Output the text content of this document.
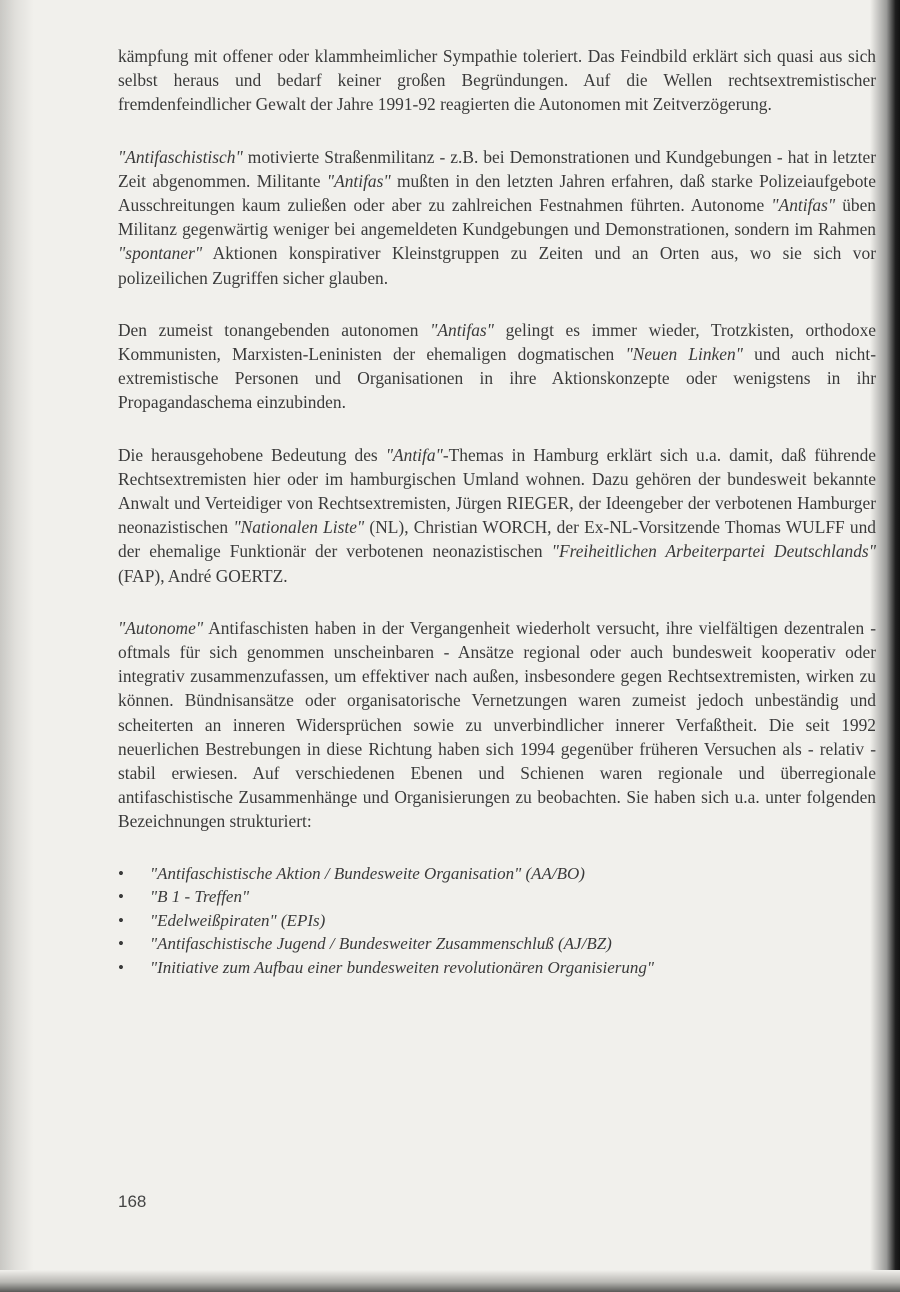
kämpfung mit offener oder klammheimlicher Sympathie toleriert. Das Feindbild erklärt sich quasi aus sich selbst heraus und bedarf keiner großen Begründungen. Auf die Wellen rechtsextremistischer fremdenfeindlicher Gewalt der Jahre 1991-92 reagierten die Autonomen mit Zeitverzögerung.

"Antifaschistisch" motivierte Straßenmilitanz - z.B. bei Demonstrationen und Kundgebungen - hat in letzter Zeit abgenommen. Militante "Antifas" mußten in den letzten Jahren erfahren, daß starke Polizeiaufgebote Ausschreitungen kaum zuließen oder aber zu zahlreichen Festnahmen führten. Autonome "Antifas" üben Militanz gegenwärtig weniger bei angemeldeten Kundgebungen und Demonstrationen, sondern im Rahmen "spontaner" Aktionen konspirativer Kleinstgruppen zu Zeiten und an Orten aus, wo sie sich vor polizeilichen Zugriffen sicher glauben.

Den zumeist tonangebenden autonomen "Antifas" gelingt es immer wieder, Trotzkisten, orthodoxe Kommunisten, Marxisten-Leninisten der ehemaligen dogmatischen "Neuen Linken" und auch nicht-extremistische Personen und Organisationen in ihre Aktionskonzepte oder wenigstens in ihr Propagandaschema einzubinden.

Die herausgehobene Bedeutung des "Antifa"-Themas in Hamburg erklärt sich u.a. damit, daß führende Rechtsextremisten hier oder im hamburgischen Umland wohnen. Dazu gehören der bundesweit bekannte Anwalt und Verteidiger von Rechtsextremisten, Jürgen RIEGER, der Ideengeber der verbotenen Hamburger neonazistischen "Nationalen Liste" (NL), Christian WORCH, der Ex-NL-Vorsitzende Thomas WULFF und der ehemalige Funktionär der verbotenen neonazistischen "Freiheitlichen Arbeiterpartei Deutschlands" (FAP), André GOERTZ.

"Autonome" Antifaschisten haben in der Vergangenheit wiederholt versucht, ihre vielfältigen dezentralen - oftmals für sich genommen unscheinbaren - Ansätze regional oder auch bundesweit kooperativ oder integrativ zusammenzufassen, um effektiver nach außen, insbesondere gegen Rechtsextremisten, wirken zu können. Bündnisansätze oder organisatorische Vernetzungen waren zumeist jedoch unbeständig und scheiterten an inneren Widersprüchen sowie zu unverbindlicher innerer Verfaßtheit. Die seit 1992 neuerlichen Bestrebungen in diese Richtung haben sich 1994 gegenüber früheren Versuchen als - relativ - stabil erwiesen. Auf verschiedenen Ebenen und Schienen waren regionale und überregionale antifaschistische Zusammenhänge und Organisierungen zu beobachten. Sie haben sich u.a. unter folgenden Bezeichnungen strukturiert:

• "Antifaschistische Aktion / Bundesweite Organisation" (AA/BO)
• "B 1 - Treffen"
• "Edelweißpiraten" (EPIs)
• "Antifaschistische Jugend / Bundesweiter Zusammenschluß (AJ/BZ)
• "Initiative zum Aufbau einer bundesweiten revolutionären Organisierung"
168
